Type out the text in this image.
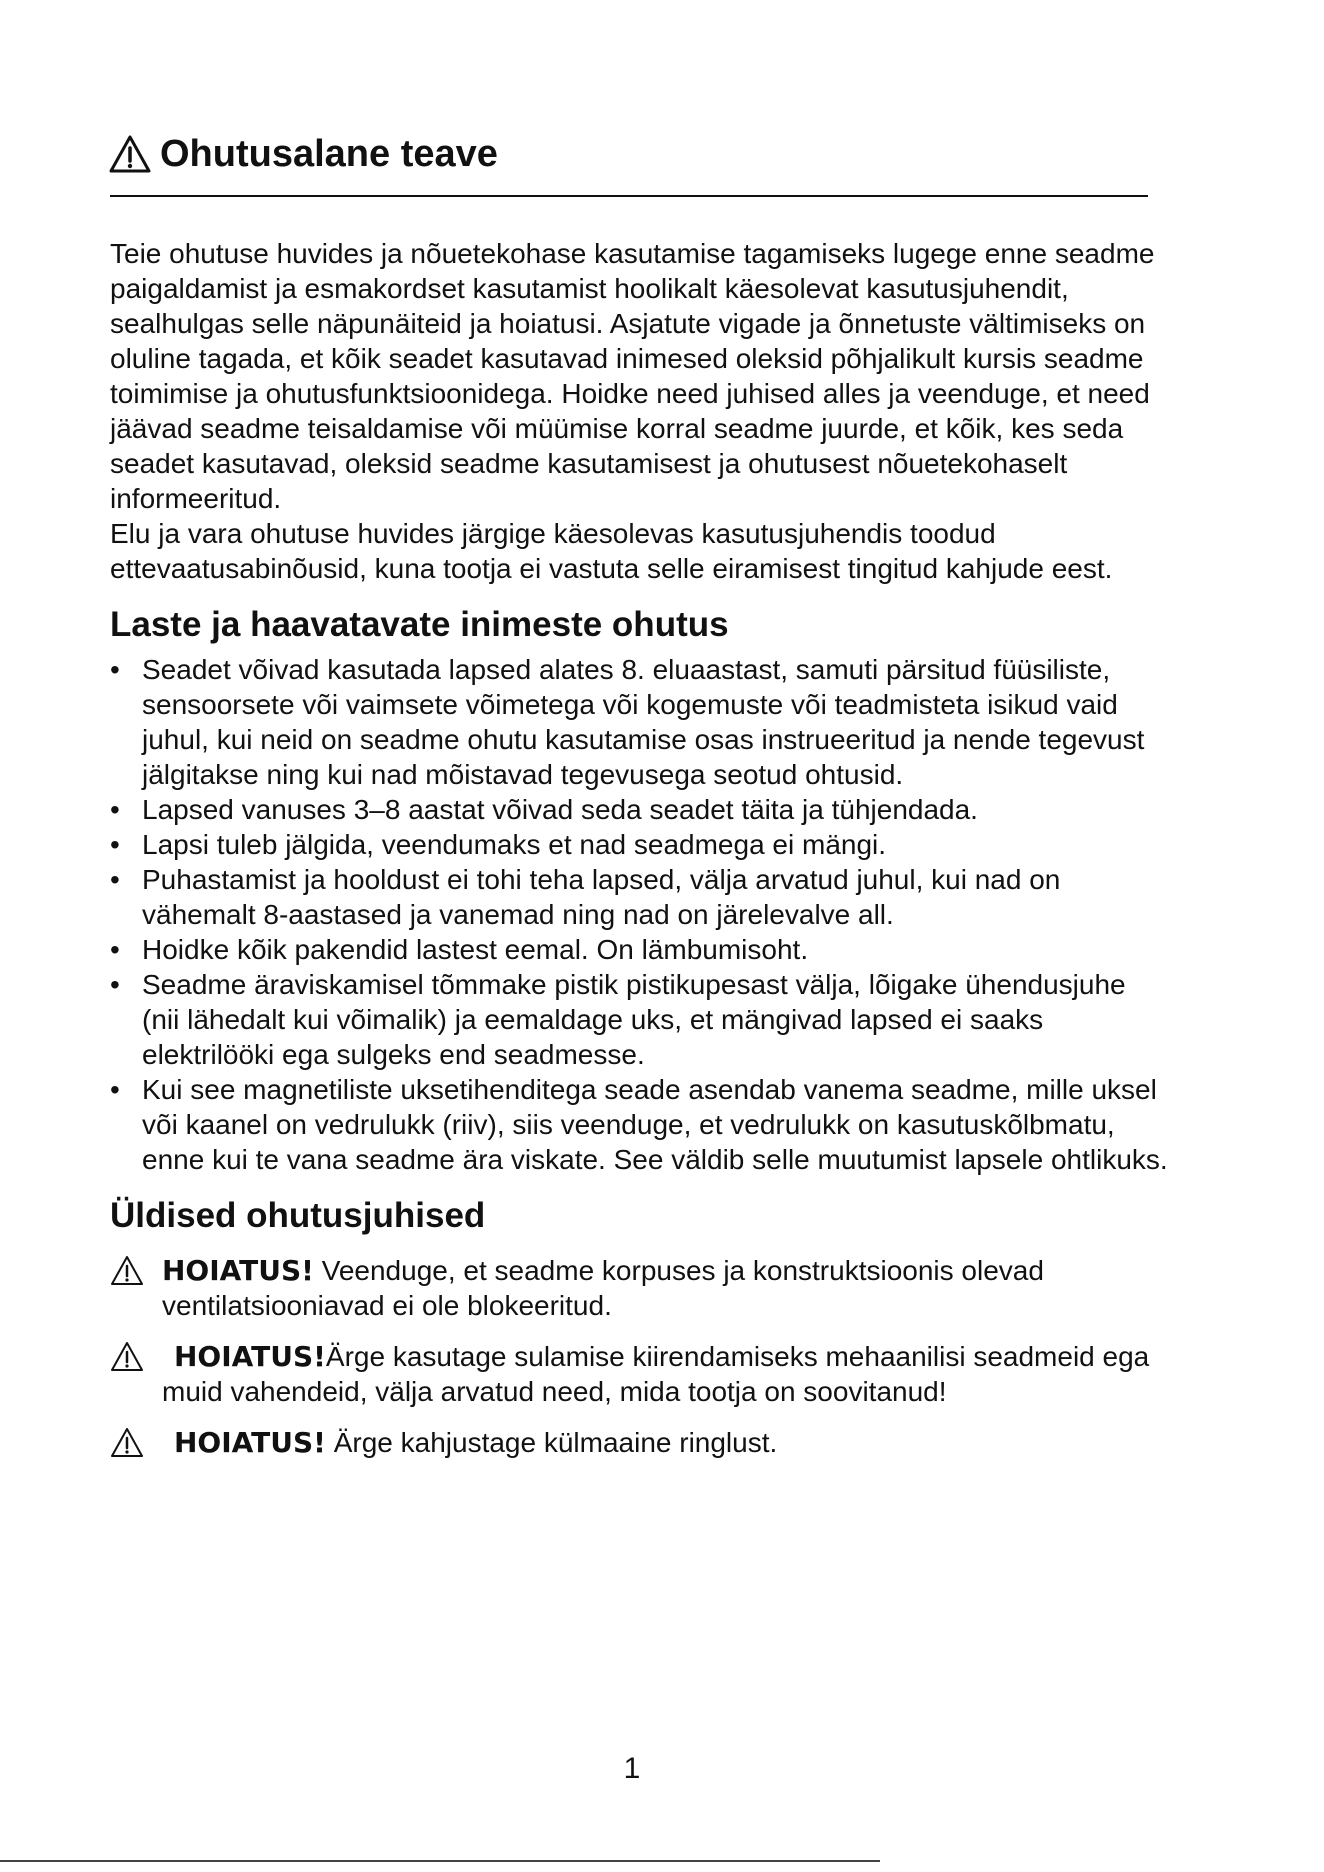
Ohutusalane teave

Teie ohutuse huvides ja nõuetekohase kasutamise tagamiseks lugege enne seadme paigaldamist ja esmakordset kasutamist hoolikalt käesolevat kasutusjuhendit, sealhulgas selle näpunäiteid ja hoiatusi. Asjatute vigade ja õnnetuste vältimiseks on oluline tagada, et kõik seadet kasutavad inimesed oleksid põhjalikult kursis seadme toimimise ja ohutusfunktsioonidega. Hoidke need juhised alles ja veenduge, et need jäävad seadme teisaldamise või müümise korral seadme juurde, et kõik, kes seda seadet kasutavad, oleksid seadme kasutamisest ja ohutusest nõuetekohaselt informeeritud.

Elu ja vara ohutuse huvides järgige käesolevas kasutusjuhendis toodud ettevaatusabinõusid, kuna tootja ei vastuta selle eiramisest tingitud kahjude eest.

Laste ja haavatavate inimeste ohutus
• Seadet võivad kasutada lapsed alates 8. eluaastast, samuti pärsitud füüsiliste, sensoorsete või vaimsete võimetega või kogemuste või teadmisteta isikud vaid juhul, kui neid on seadme ohutu kasutamise osas instrueeritud ja nende tegevust jälgitakse ning kui nad mõistavad tegevusega seotud ohtusid.
• Lapsed vanuses 3–8 aastat võivad seda seadet täita ja tühjendada.
• Lapsi tuleb jälgida, veendumaks et nad seadmega ei mängi.
• Puhastamist ja hooldust ei tohi teha lapsed, välja arvatud juhul, kui nad on vähemalt 8-aastased ja vanemad ning nad on järelevalve all.
• Hoidke kõik pakendid lastest eemal. On lämbumisoht.
• Seadme äraviskamisel tõmmake pistik pistikupesast välja, lõigake ühendusjuhe (nii lähedalt kui võimalik) ja eemaldage uks, et mängivad lapsed ei saaks elektrilööki ega sulgeks end seadmesse.
• Kui see magnetiliste uksetihenditega seade asendab vanema seadme, mille uksel või kaanel on vedrulukk (riiv), siis veenduge, et vedrulukk on kasutuskõlbmatu, enne kui te vana seadme ära viskate. See väldib selle muutumist lapsele ohtlikuks.
Üldised ohutusjuhised
HOIATUS! Veenduge, et seadme korpuses ja konstruktsioonis olevad ventilatsiooniavad ei ole blokeeritud.
HOIATUS!Ärge kasutage sulamise kiirendamiseks mehaanilisi seadmeid ega muid vahendeid, välja arvatud need, mida tootja on soovitanud!
HOIATUS! Ärge kahjustage külmaaine ringlust.
1
